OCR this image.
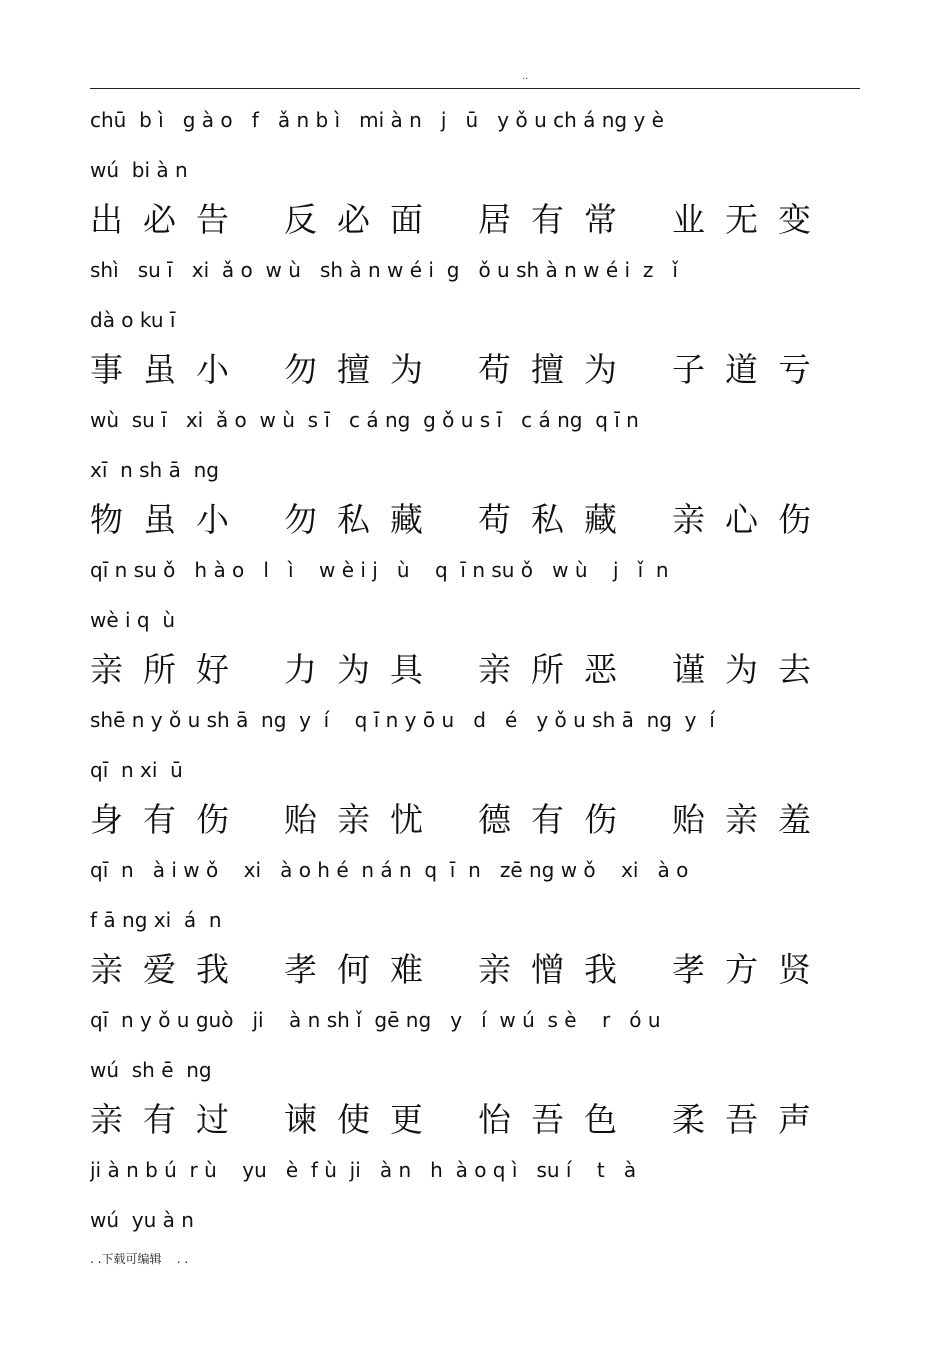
..
chū  b ì   g à o   f   ǎ n b ì   mi à n   j   ū   y ǒ u ch á ng y è
wú  bi à n
出必告 反必面 居有常 业无变
shì   su ī   xi  ǎ o  w ù   sh à n w é i  g   ǒ u sh à n w é i  z   ǐ
dà o ku ī
事虽小 勿擅为 苟擅为 子道亏
wù  su ī   xi  ǎ o  w ù  s ī   c á ng  g ǒ u s ī   c á ng  q ī n
xī  n sh ā  ng
物虽小 勿私藏 苟私藏 亲心伤
qī n su ǒ   h à o   l   ì    w è i j   ù    q  ī n su ǒ   w ù    j   ǐ  n
wè i q  ù
亲所好 力为具 亲所恶 谨为去
shē n y ǒ u sh ā  ng  y  í    q ī n y ō u   d   é   y ǒ u sh ā  ng  y  í
qī  n xi  ū
身有伤 贻亲忧 德有伤 贻亲羞
qī  n   à i w ǒ    xi   à o h é  n á n  q  ī  n   zē ng w ǒ    xi   à o
f ā ng xi  á  n
亲爱我 孝何难 亲憎我 孝方贤
qī  n y ǒ u guò   ji    à n sh ǐ  gē ng   y   í  w ú  s è    r   ó u
wú  sh ē  ng
亲有过 谏使更 怡吾色 柔吾声
ji à n b ú  r ù    yu   è  f ù  ji   à n   h  à o q ì   su í    t   à
wú  yu à n
. .下载可编辑    . .
